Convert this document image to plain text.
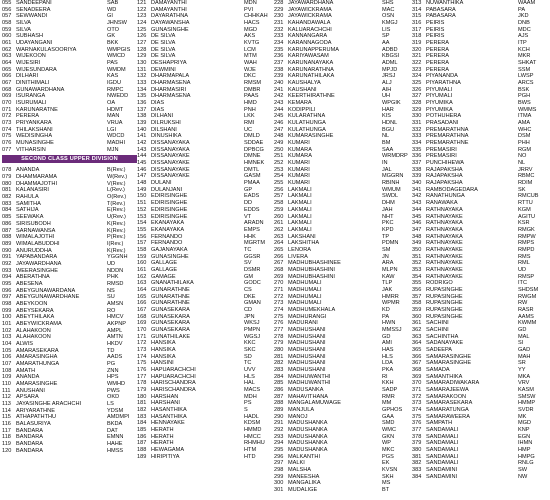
055 SANDEEPANI	SAB
056 SENADEERA	WD
057 SEWWANDI	GI
058 SILVA	JHNSW
059 SILVA	OTO
060 SUBHASH	GK
061 UDAYANGANI	BKK
062 WARNAKULASOORIYA	WMPGIS
063 WIJEKOON	WMCD
064 WIJESIRI	PAS
065 WIJESUNDARA	WMDM
066 DILHARI	KAS
067 DINITHIMALI	IGDU
068 GUNAWARDHANA	RMPC
069 ISURANGA	NWEDD
070 ISURUMALI	OA
071 KARUNARATNE	HDMT
072 PERERA	MAN
073 PRIYANKARA	VRUA
074 THILAKSHANI	LGI
075 WEDISINGHA	WDCD
076 MUNASINGHE	MADHI
077 VITHARSIN	MJN
SECOND CLASS UPPER DIVISION
078 ANANDA	B(Rev.)
079 DHAMMARAMA	W(Rev.)
080 DHAMMAJOTHI	V(Rev.)
081 KALANASIRI	L(Rev.)
082 RAHULA	O(Rev.)
083 SAMITHA	T(Rev.)
084 SATHIJA	E(Rev.)
085 SEEWAKA	U(Rev.)
086 SIRISUBODH	K(Rev.)
087 SARNAWANSA	K(Rev.)
088 WIMALAJOTHI	P(Rev.)
089 WIMALABUDDHI	I(Rev.)
090 ANURUDDHA	K(Rev.)
091 YAPABANDARA	YGGNH
092 JAYAWARDHANA	UD
093 WEERASINGHE	NDDN
094 ABERATHNA	PHK
095 ABESENA	RMSD
096 ABEYGUNAWARDANA	NS
097 ABEYGUNAWARDHANE	SU
098 ABEYKOON	AMSN
099 ABEYSEKARA	RO
100 ABEYTHILAKA	HMCV
101 ABEYWICKRAMA	AKPNP
102 ALAHAKOON	AMPL
103 ALAHAKOON	AMTN
104 ALWIS	HKDV
105 AMARASEKARA	TD
106 AMARASINGHA	AADS
107 AMARATHUNGA	PG
108 AMATH	ZNN
109 ANANDA	HPS
110 AMARASINGHE	WMHD
111 ANUSHANI	PWS
112 APSARA	OKD
113 JAYASINGHE ARACHCHI	LS
114 ARIYARATHNE	YDSM
115 ATHAPATHTHU	AMDMPI
116 BALASURIYA	BKDA
117 BANDARA	DAT
118 BANDARA	EMNN
119 BANDARA	HAHE
120 BANDARA	HMSS
121 DAMAYANTHI	MDN
122 DAMAYANTHI	PVI
123 DAYARATHNA	CHHKAH
124 DAYAWANSHA	HACS
125 GUNASINGHE	MGD
126 DE SILVA	AKS
127 DE SILVA	KVTG
128 DE SILVA	LCM
129 DE SILVA	MTM
130 DESHAPRIYA	WAH
131 DEWMINI	WJE
132 DHARMAPALA	DKC
133 DHARMASENA	RMSM
134 DHARMASIRI	DMBR
135 DHARMASENA	PAAS
136 DIAS	HMD
137 DIAS	PNH
138 DILHANI	LKK
139 DILRUKSHI	RMI
140 DILSHANI	UC
141 DINUSHIKA	DMLD
142 DISSANAYAKA	SDDAE
143 DISSANAYAKA	DPBCG
144 DISSANAYAKE	DMNE
145 DISSANAYAKE	HMNEK
146 DISSANAYAKE	DMTL
147 DISSANAYAKE	GASM
148 DULANI	PMAA
149 DULANJANI	GP
150 EDIRISINGHE	EADS
151 EDIRISINGHE	DD
152 EDIRISINGHE	EDDS
153 EDIRISINGHE	VT
154 EKANAYAKA	ARADN
155 EKANAYAKA	EMPS
156 FERNANDO	HHK
157 FERNANDO	MGRTM
158 GAJANAYAKA	TC
159 GUNASINGHE	GGSR
160 GALLAGE	SV
161 GALLAGE	DSMR
162 GAMAGE	GM
163 GNANATHILAKA	GODC
164 GUNARATHNE	CS
165 GUNARATHNE	DKE
166 GUNARATHNE	GMAN
167 GUNASEKARA	CD
168 GUNASEKARA	JPN
169 GUNASEKARA	WKSJ
170 GUNASEKARA	PMPN
171 GUNATHILAKE	WGSJ
172 HANSIKA	KKC
173 HANSIKA	SKC
174 HANSIKA	SD
175 HANSINI	TC
176 HAPUARACHCHI	UVV
177 HAPUARACHCHI	HLS
178 HARISCHANDRA	HAL
179 HARISCHANDRA	MACS
180 HARSHAN	MDH
181 HARSHANI	PS
182 HASANTHIKA	S
183 HASANTHIKA	HADL
184 HENNAYAKE	KDSM
185 HERATH	HMMD
186 HERATH	HMCC
187 HERATH	RHMHU
188 HEWAGAMA	HTM
189 HIRIPITIYA	HTD
228 JAYAWARDHANA	SHS
229 JAYAWICKRAMA	MAC
230 JAYAWICKRAMA	OSN
231 KAHANDAWALA	KMGJ
232 KALUARACHCHI	LIS
233 KANNANGARA	SP
234 KARANNAGODA	AA
235 KARUNAPPERUMA	ADBD
236 KARIYAWASAM	KBGSI
237 KARUNANAYAKA	ADML
238 KARUNARATHNA	MPJD
239 KARUNATHILAKA	JRSJ
240 KAUSHALYA	ALJ
241 KAUSHANI	AIH
242 KEERTHIRATHNE	UH
243 KEMARA	WPGIK
244 KODIPPILI	HAR
245 KULARATHNA	KIS
246 KULATHUNGA	HDNL
247 KULATHUNGA	BGU
248 KUMARASINGHE	NL
249 KUMARI	BM
250 KUMARA	SAA
251 KUMARA	WRMDRP
252 KUMARI	IN
253 KUMARI	JAL
254 KUMARI	MGGRN
255 KUMARI	RBINH
256 LAKMALI	WMUM
257 LAKMALI	SWDL
258 LAKMALI	DHM
259 LAKMALI	JAH
260 LAKMALI	NHT
261 LAKMALI	PKC
262 LAKMALI	KPD
263 LAKSHANI	TP
264 LAKSHITHA	PDMN
265 LENORA	SM
266 LIVERA	JN
267 MADHUBHASHINEE	ARA
268 MADHUBHASHINI	MLPN
269 MADHUBHASHINI	KAW
270 MADHUMALI	TLP
271 MADHUMALI	JAK
272 MADHUMALI	HMRR
273 MADHUMALI	WPMR
274 MADHUMEKHALA	KD
275 MADHURANGI	PA
276 MADURANI	HWN
277 MADHUSHANI	MMSSJ
278 MADHUSHANI	GD
279 MADHUSHANI	AMI
280 MADHUSHANI	HAS
281 MADHUSHANI	HLS
282 MADHUSHANI	LDA
283 MADHUSHANI	PKA
284 MADHUWANTHI	RI
285 MADHUWANTHI	KKH
286 MADUSANKA	SADP
287 MAHAVITHANA	RMR
288 MANGALAMUWAGE	MM
289 MANJULA	GPHOS
290 MANOJ	GAA
291 MADUSHANKA	SMD
292 MADUSHANKA	WMC
293 MADUSHANKA	GKN
294 MADUSHANKA	WP
295 MADUSHANKA	MKC
296 MALKANTHI	PGS
297 MALKI	EK
298 MALSHA	KVSN
299 MANEESHA	SKH
300 MANGALIKA	MS
301 MUDALIGE	BT
313 NUWANTHIKA	WAAM
314 PABASARA	PA
315 PABASARA	JKD
316 PEIRIS	DNB
317 PEIRIS	MDC
318 PEIRIS	AJS
319 PERERA	ITP
320 PERERA	KCH
321 PERERA	MKR
322 PERERA	SHKAT
323 PERERA	SSM
324 PIYANANDA	LWSP
325 PIYARATHNA	ARCS
326 PIYUMALI	BSK
327 PIYUMALI	PGH
328 PIYUMIKA	BWS
329 PIYUMIKA	WMMS
330 POTHUHERA	ITMA
331 PRASADANI	AMA
332 PREMARATHNA	WHC
333 PREMARATHNA	DSM
334 PREMARATHNE	PHH
335 PREMASIRI	RGM
336 PREMASIRI	NO
337 PUNCHIHEWA	NL
338 RAJAPAKSHA	JRRV
339 RAJAPAKSHA	RBMC
340 RAJAPAKSHA	RDIM
341 RAMBODAGEDARA	SK
342 RANATHUNGA	RMCUB
343 RANAWAKA	RTTU
344 RATHNAYAKA	KGM
345 RATHNAYAKE	AGITU
346 RATHNAYAKA	KSR
347 RATHNAYAKA	RMGK
348 RATHNAYAKA	RMPW
349 RATHNAYAKE	RMPS
350 RATHNAYAKE	RMPD
351 RATHNAYAKE	RMS
352 RATHNAYAKE	RML
353 RATHNAYAKE	UD
354 RATHNAYAKE	RMSP
355 RODRIGO	ITC
356 RUPASINGHE	SHDSM
357 RUPASINGHE	RWGM
358 RUPASINGHE	RW
359 RUPASINGHE	RASR
360 RUPASINGHE	AAMS
361 SACHINI	KWMM
362 SACHINI	GD
363 SACHINTHA	MAL
364 SADANAYAKE	SI
365 SADEEPA	GAD
366 SAMARASINGHE	MAH
367 SAMARASINGHE	SR
368 SAMADA	YY
369 SAMANTHIKA	MKA
370 SAMARADIWAKARA	VRV
371 SAMARAJEEWA	KASM
372 SAMARAKOON	SMSW
373 SAMARASEKARA	HMMP
374 SAMARATUNGA	SVDR
375 SAMARAWEERA	MK
376 SAMPATH	MGD
377 SANDAMALI	KNP
378 SANDAMALI	EGN
379 SANDAMALI	IHMN
380 SANDAMALI	HMP
381 SANDAMALI	HMPG
382 SANDAMALI	RNLG
383 SANDAMINI	SW
384 SANDAMINI	NW
